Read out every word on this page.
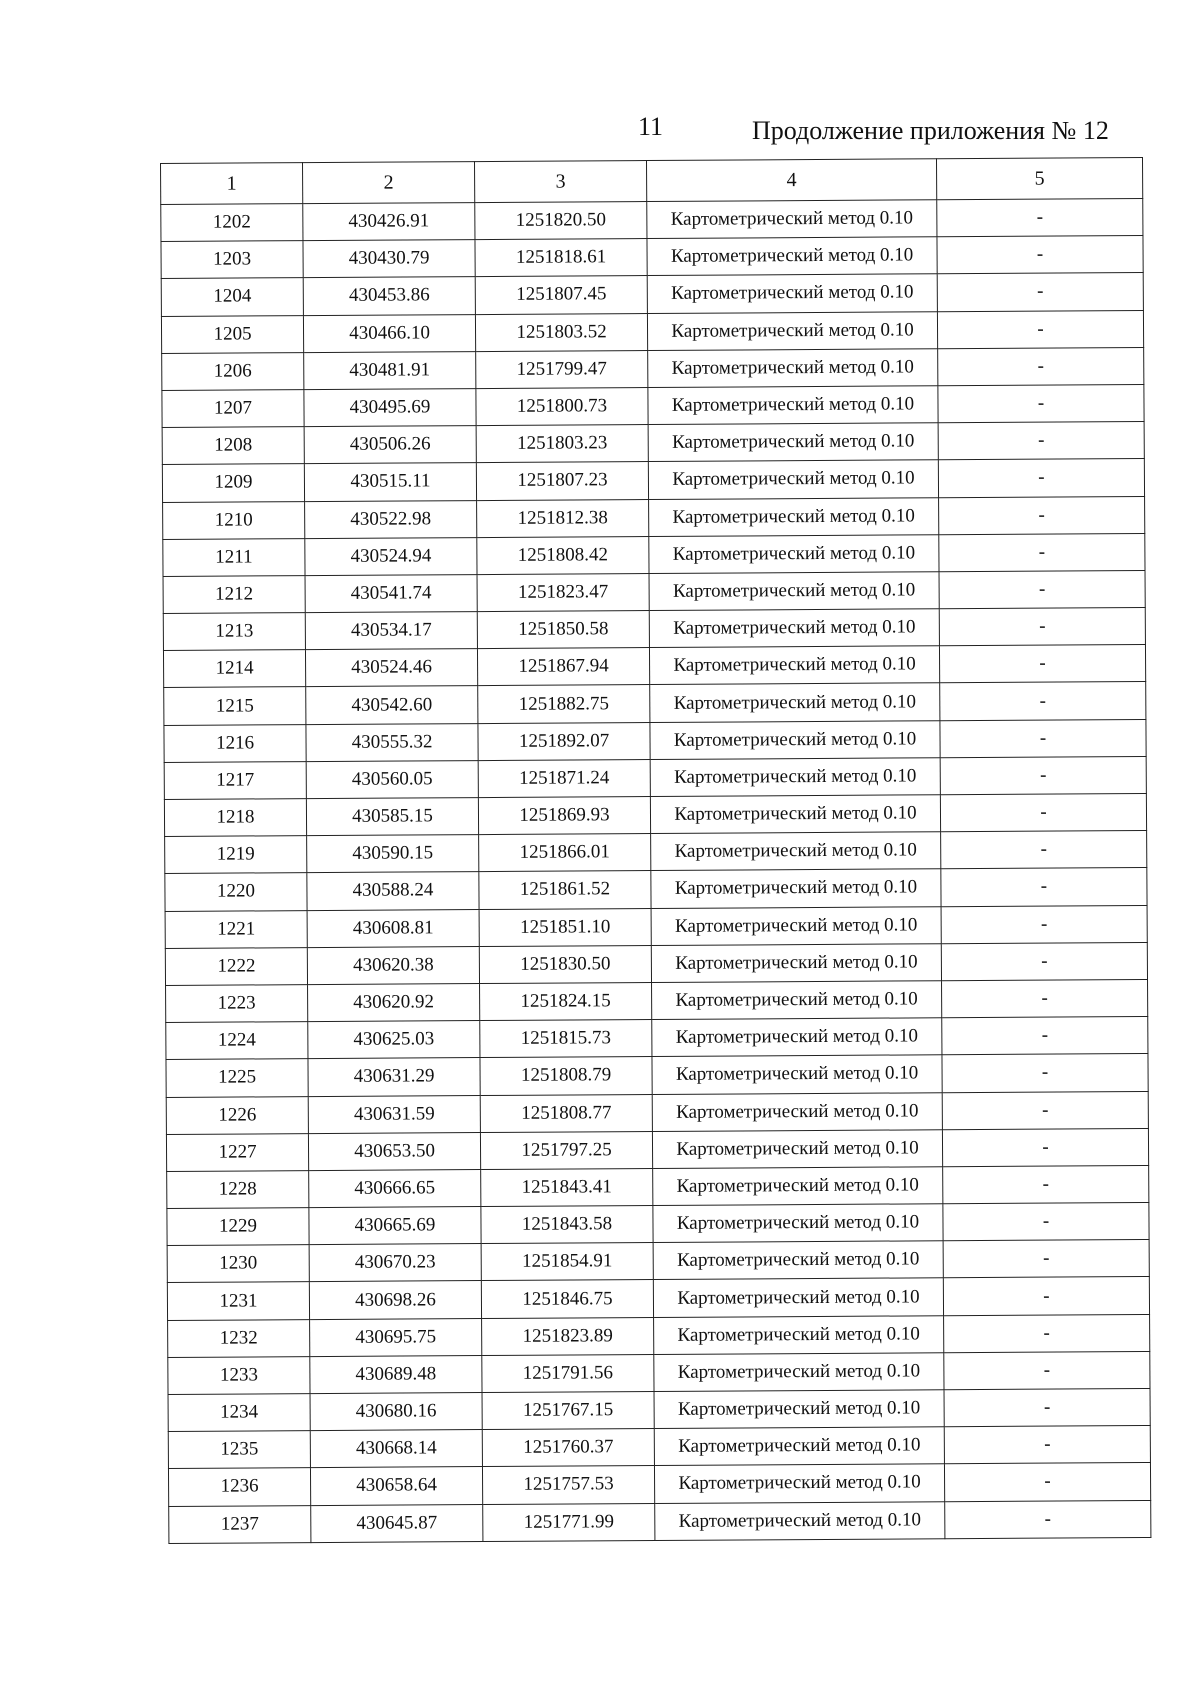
11	Продолжение приложения № 12
1	2	3	4	5
1202	430426.91	1251820.50	Картометрический метод 0.10	-
1203	430430.79	1251818.61	Картометрический метод 0.10	-
1204	430453.86	1251807.45	Картометрический метод 0.10	-
1205	430466.10	1251803.52	Картометрический метод 0.10	-
1206	430481.91	1251799.47	Картометрический метод 0.10	-
1207	430495.69	1251800.73	Картометрический метод 0.10	-
1208	430506.26	1251803.23	Картометрический метод 0.10	-
1209	430515.11	1251807.23	Картометрический метод 0.10	-
1210	430522.98	1251812.38	Картометрический метод 0.10	-
1211	430524.94	1251808.42	Картометрический метод 0.10	-
1212	430541.74	1251823.47	Картометрический метод 0.10	-
1213	430534.17	1251850.58	Картометрический метод 0.10	-
1214	430524.46	1251867.94	Картометрический метод 0.10	-
1215	430542.60	1251882.75	Картометрический метод 0.10	-
1216	430555.32	1251892.07	Картометрический метод 0.10	-
1217	430560.05	1251871.24	Картометрический метод 0.10	-
1218	430585.15	1251869.93	Картометрический метод 0.10	-
1219	430590.15	1251866.01	Картометрический метод 0.10	-
1220	430588.24	1251861.52	Картометрический метод 0.10	-
1221	430608.81	1251851.10	Картометрический метод 0.10	-
1222	430620.38	1251830.50	Картометрический метод 0.10	-
1223	430620.92	1251824.15	Картометрический метод 0.10	-
1224	430625.03	1251815.73	Картометрический метод 0.10	-
1225	430631.29	1251808.79	Картометрический метод 0.10	-
1226	430631.59	1251808.77	Картометрический метод 0.10	-
1227	430653.50	1251797.25	Картометрический метод 0.10	-
1228	430666.65	1251843.41	Картометрический метод 0.10	-
1229	430665.69	1251843.58	Картометрический метод 0.10	-
1230	430670.23	1251854.91	Картометрический метод 0.10	-
1231	430698.26	1251846.75	Картометрический метод 0.10	-
1232	430695.75	1251823.89	Картометрический метод 0.10	-
1233	430689.48	1251791.56	Картометрический метод 0.10	-
1234	430680.16	1251767.15	Картометрический метод 0.10	-
1235	430668.14	1251760.37	Картометрический метод 0.10	-
1236	430658.64	1251757.53	Картометрический метод 0.10	-
1237	430645.87	1251771.99	Картометрический метод 0.10	-
